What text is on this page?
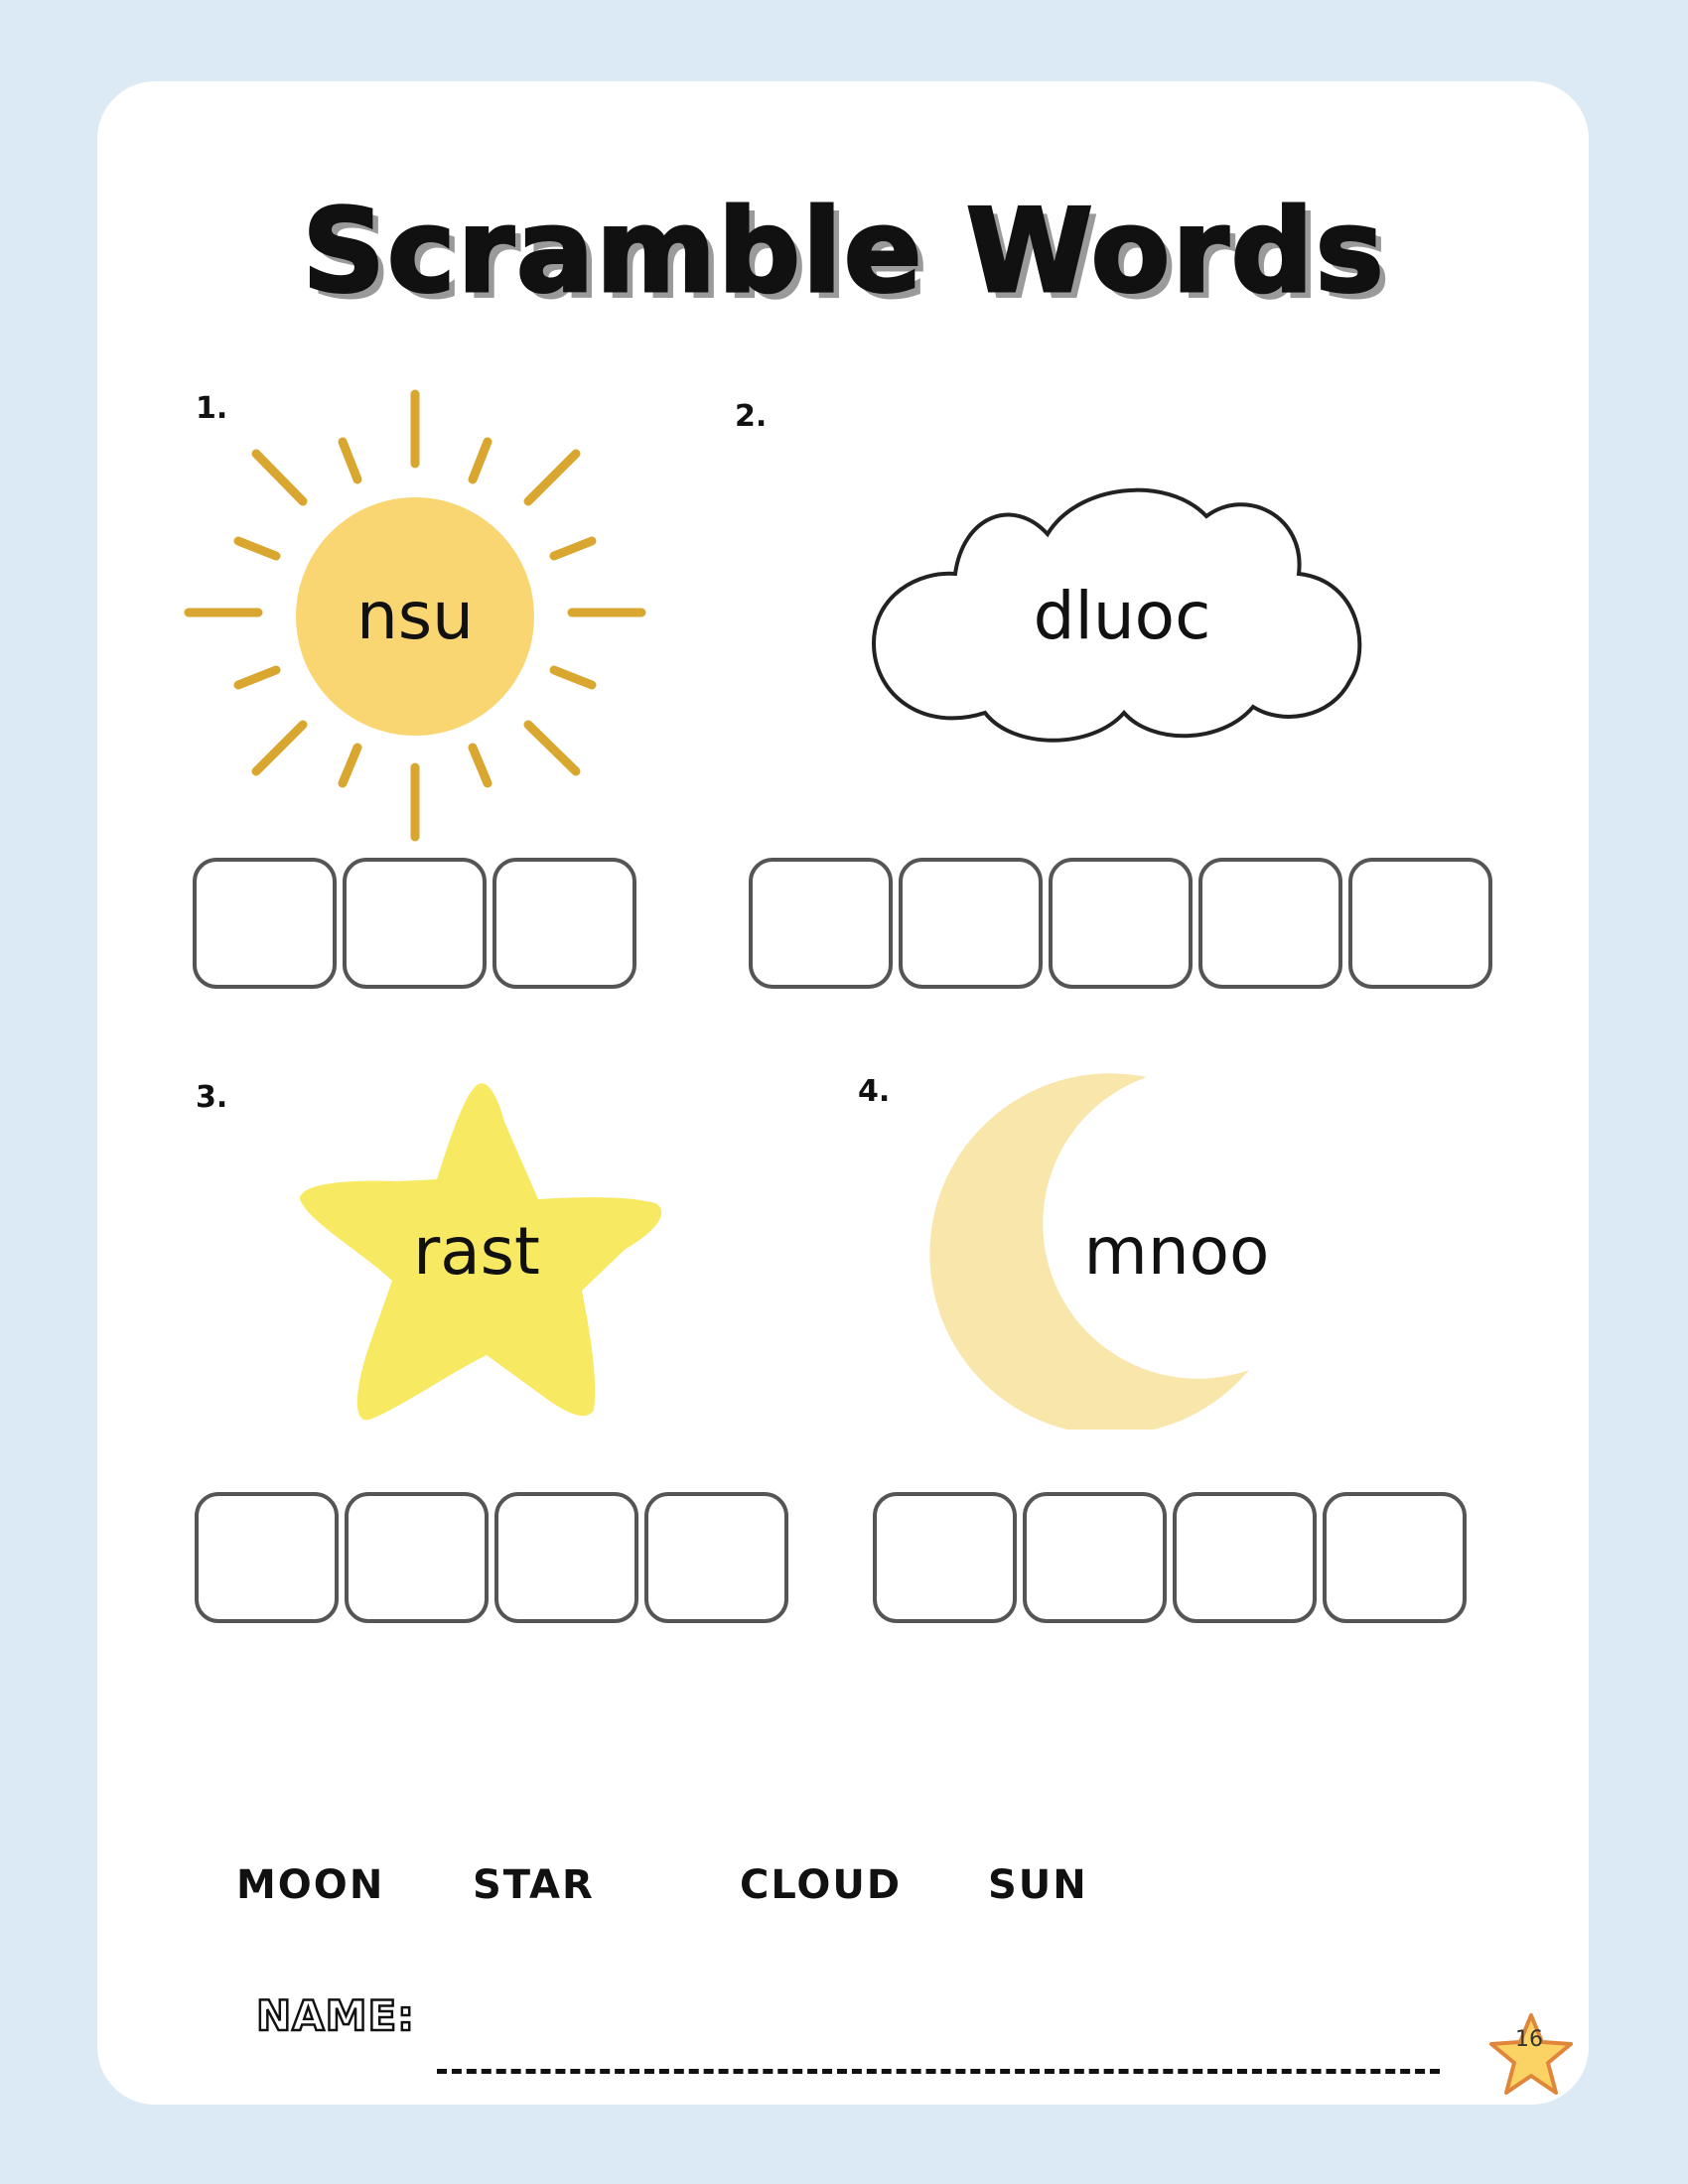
Scramble Words
1.
nsu
2.
dluoc
3.
rast
4.
mnoo
MOON STAR	CLOUD SUN
NAME:	16
